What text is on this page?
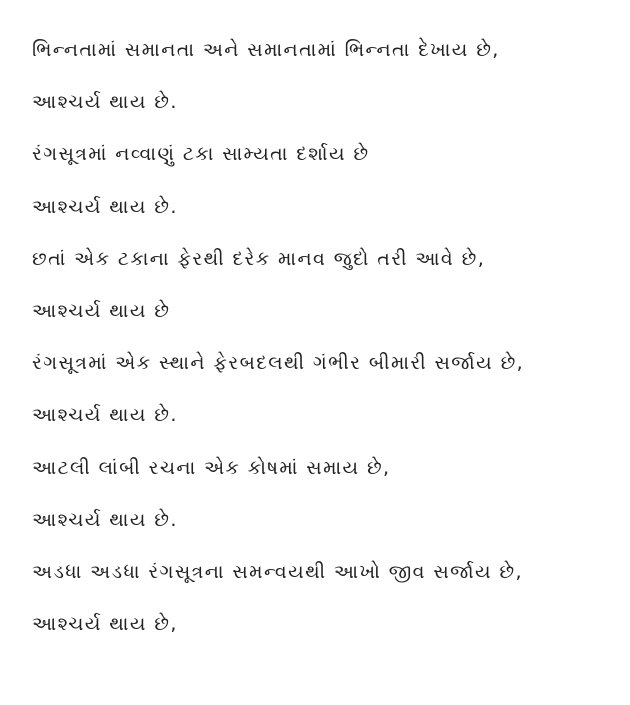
ભિન્નતામાં સમાનતા અને સમાનતામાં ભિન્નતા દેખાય છે,
આશ્ચર્ય થાય છે.
રંગસૂત્રમાં નવ્વાણું ટકા સામ્યતા દર્શાય છે
આશ્ચર્ય થાય છે.
છતાં એક ટકાના ફેરથી દરેક માનવ જુદો તરી આવે છે,
આશ્ચર્ય થાય છે
રંગસૂત્રમાં એક સ્થાને ફેરબદલથી ગંભીર બીમારી સર્જાય છે,
આશ્ચર્ય થાય છે.
આટલી લાંબી રચના એક કોષમાં સમાય છે,
આશ્ચર્ય થાય છે.
અડધા અડધા રંગસૂત્રના સમન્વયથી આખો જીવ સર્જાય છે,
આશ્ચર્ય થાય છે,
